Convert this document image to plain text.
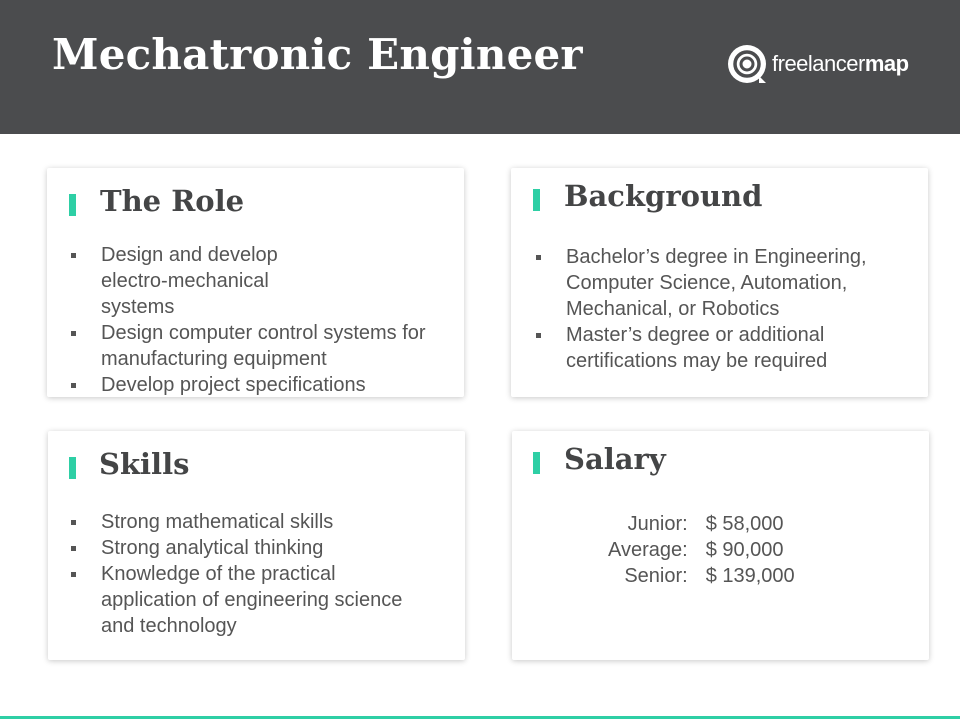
Mechatronic Engineer	freelancermap
The Role
Design and develop electro-mechanical systems
Design computer control systems for manufacturing equipment
Develop project specifications
Background
Bachelor’s degree in Engineering, Computer Science, Automation, Mechanical, or Robotics
Master’s degree or additional certifications may be required
Skills
Strong mathematical skills
Strong analytical thinking
Knowledge of the practical application of engineering science and technology
Salary
Junior:	$ 58,000
Average:	$ 90,000
Senior:	$ 139,000
